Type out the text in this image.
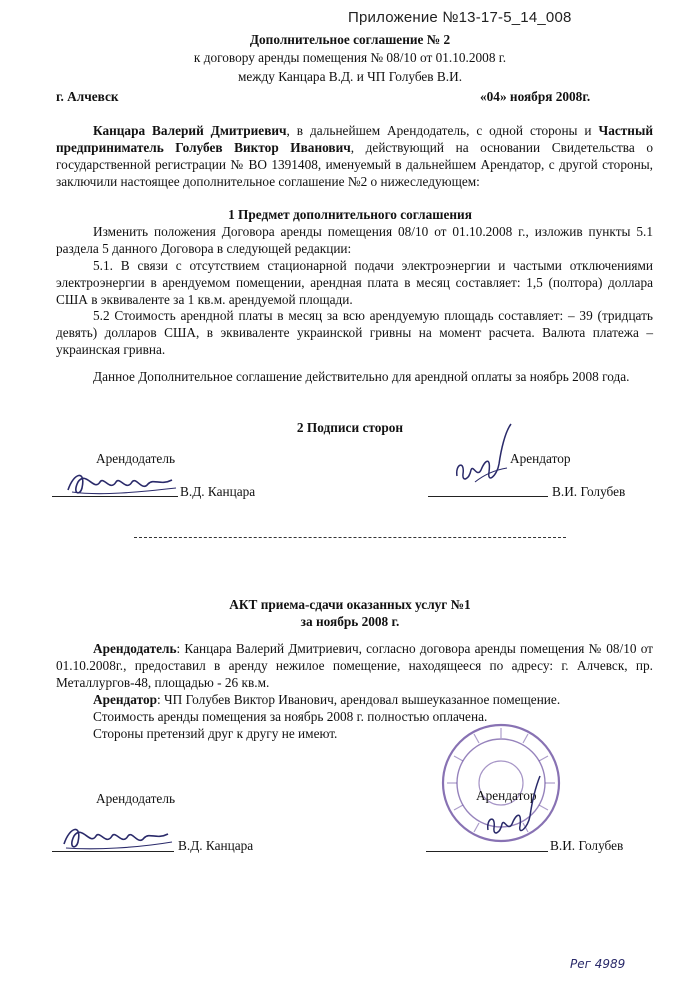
Приложение №13-17-5_14_008
Дополнительное соглашение № 2
к договору аренды помещения № 08/10 от 01.10.2008 г.
между Канцара В.Д. и ЧП Голубев В.И.
г. Алчевск	«04» ноября 2008г.
Канцара Валерий Дмитриевич, в дальнейшем Арендодатель, с одной стороны и Частный предприниматель Голубев Виктор Иванович, действующий на основании Свидетельства о государственной регистрации № ВО 1391408, именуемый в дальнейшем Арендатор, с другой стороны, заключили настоящее дополнительное соглашение №2 о нижеследующем:
1 Предмет дополнительного соглашения
Изменить положения Договора аренды помещения 08/10 от 01.10.2008 г., изложив пункты 5.1 раздела 5 данного Договора в следующей редакции:
5.1. В связи с отсутствием стационарной подачи электроэнергии и частыми отключениями электроэнергии в арендуемом помещении, арендная плата в месяц составляет: 1,5 (полтора) доллара США в эквиваленте за 1 кв.м. арендуемой площади.
5.2 Стоимость арендной платы в месяц за всю арендуемую площадь составляет: – 39 (тридцать девять) долларов США, в эквиваленте украинской гривны на момент расчета. Валюта платежа – украинская гривна.
Данное Дополнительное соглашение действительно для арендной оплаты за ноябрь 2008 года.
2 Подписи сторон
Арендодатель	Арендатор
В.Д. Канцара	В.И. Голубев
АКТ приема-сдачи оказанных услуг №1
за ноябрь 2008 г.
Арендодатель: Канцара Валерий Дмитриевич, согласно договора аренды помещения № 08/10 от 01.10.2008г., предоставил в аренду нежилое помещение, находящееся по адресу: г. Алчевск, пр. Металлургов-48, площадью - 26 кв.м.
Арендатор: ЧП Голубев Виктор Иванович, арендовал вышеуказанное помещение.
Стоимость аренды помещения за ноябрь 2008 г. полностью оплачена.
Стороны претензий друг к другу не имеют.
Арендодатель
В.Д. Канцара
Арендатор
В.И. Голубев
Рег 4989
